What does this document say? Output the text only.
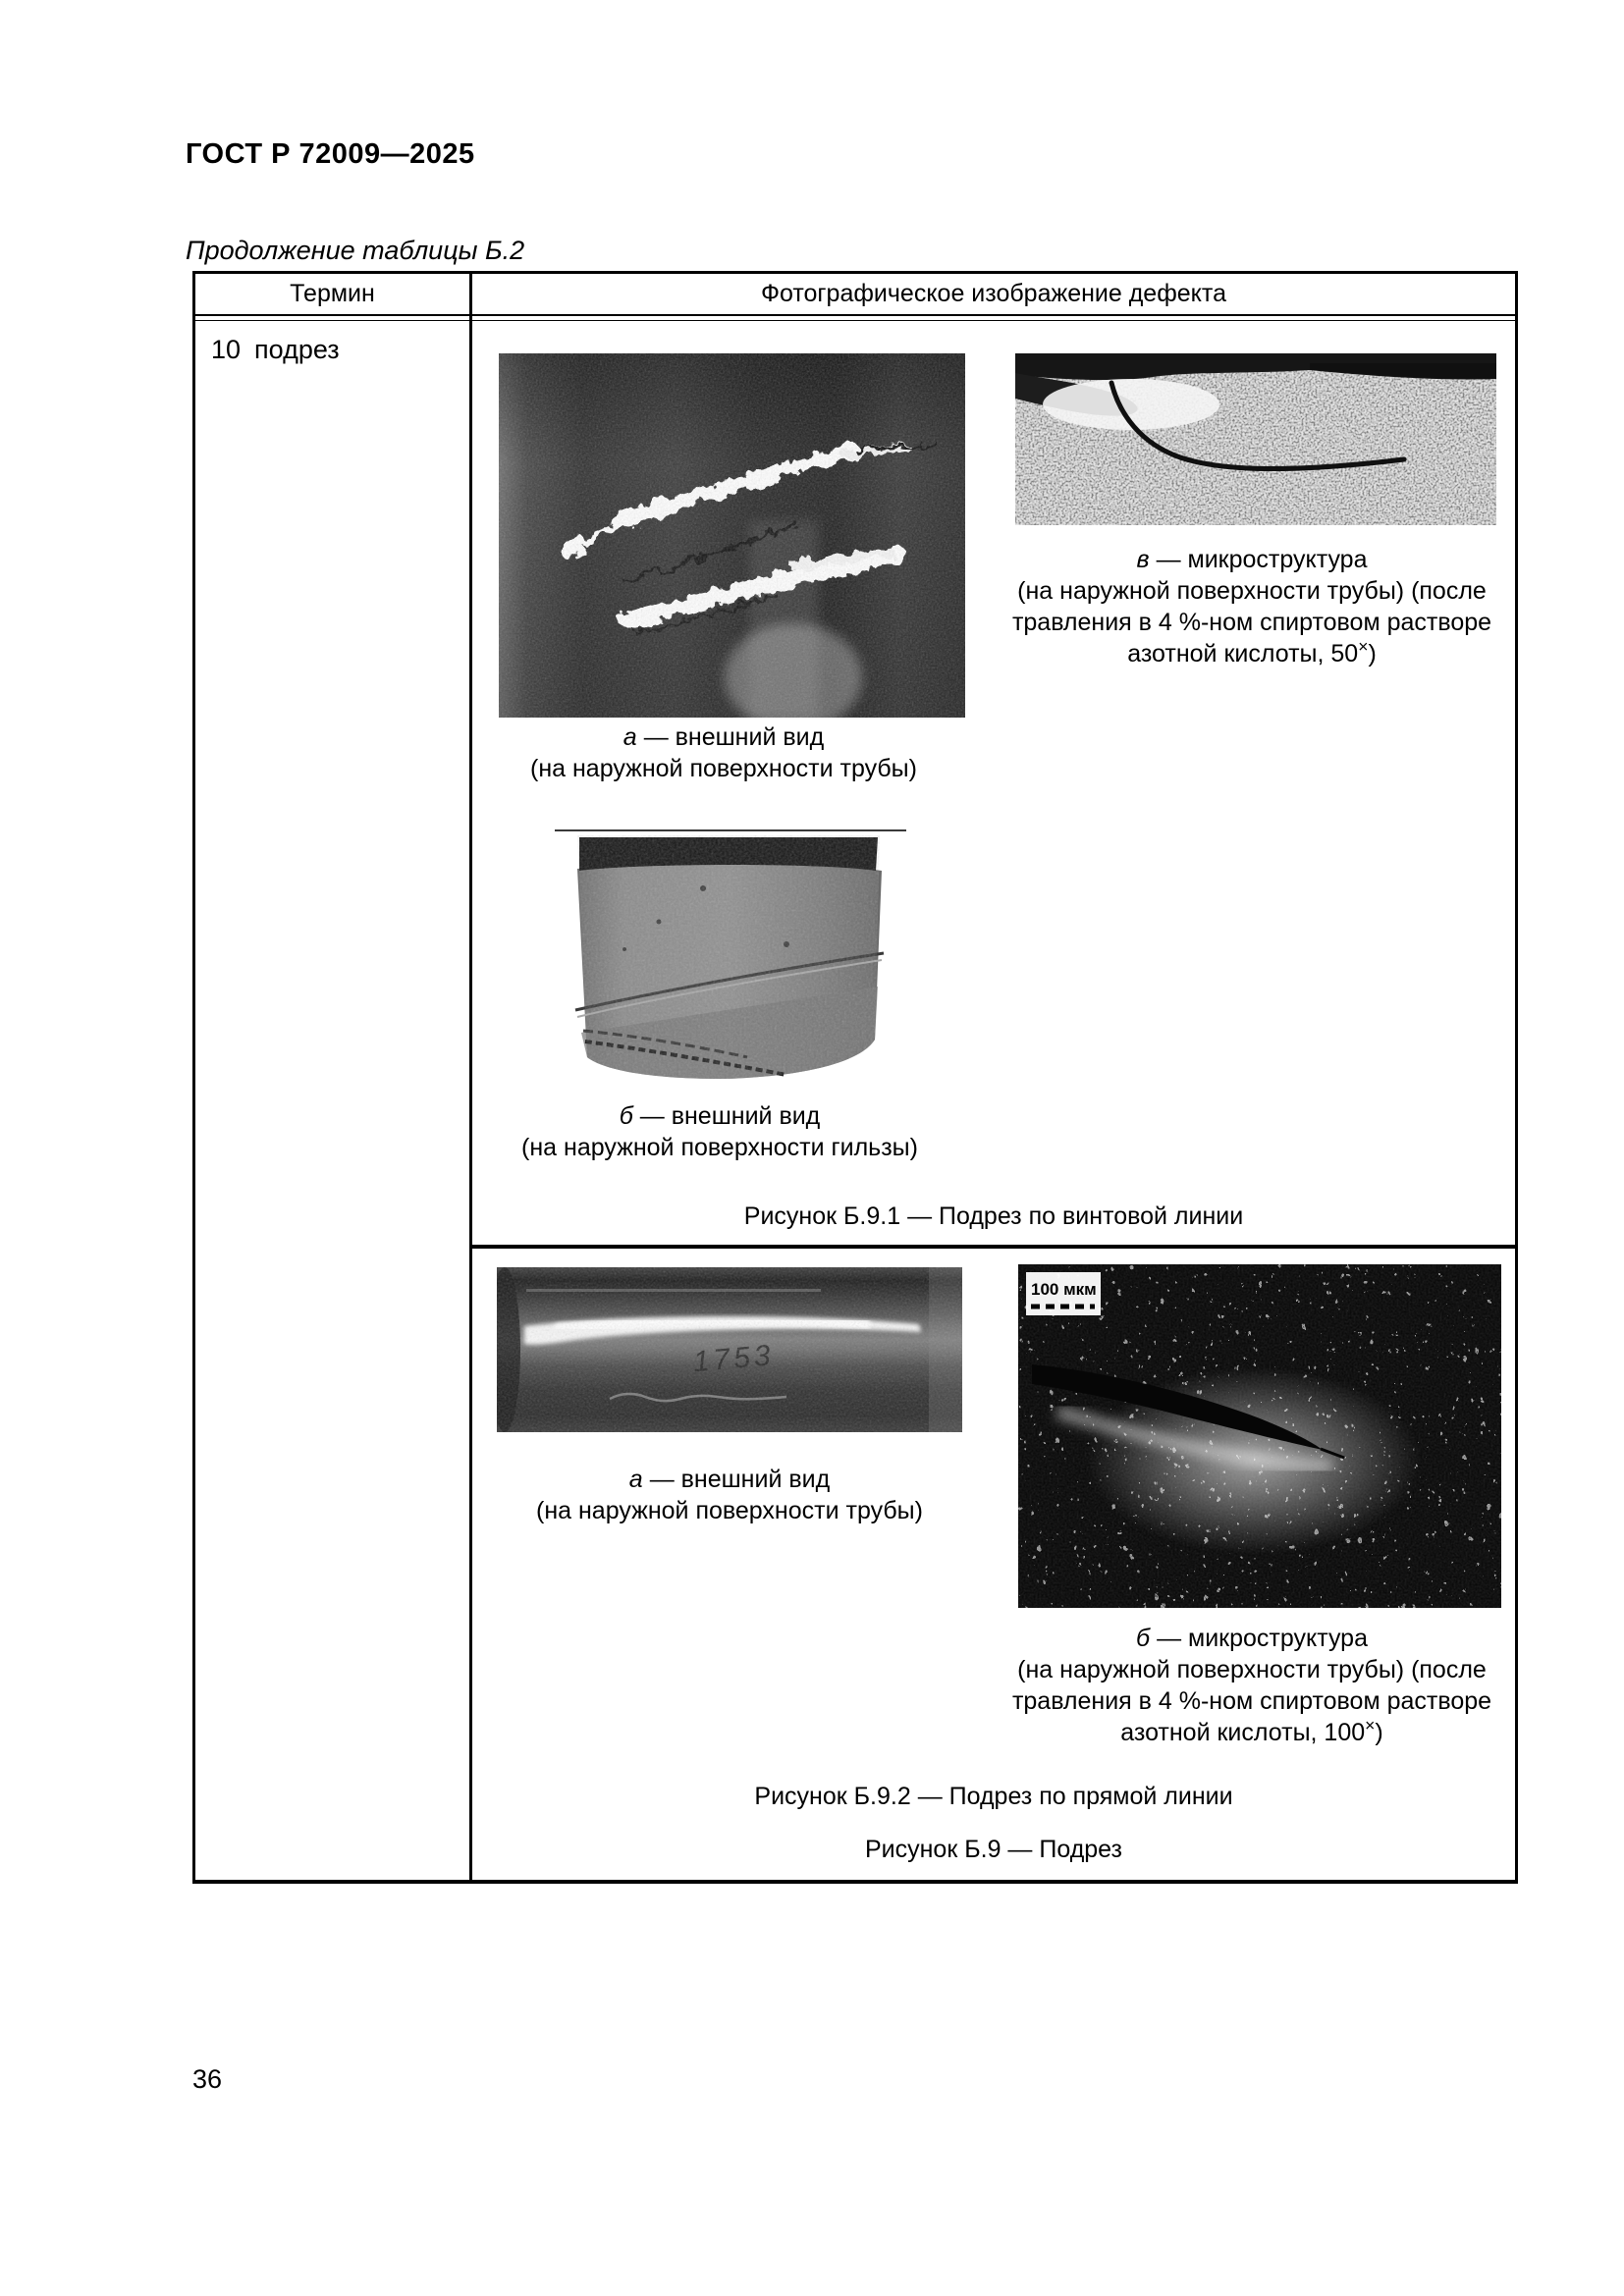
ГОСТ Р 72009—2025
Продолжение таблицы Б.2
Термин	Фотографическое изображение дефекта
10 подрез
в — микроструктура
(на наружной поверхности трубы) (после
травления в 4 %-ном спиртовом растворе
азотной кислоты, 50×)
а — внешний вид
(на наружной поверхности трубы)
б — внешний вид
(на наружной поверхности гильзы)
Рисунок Б.9.1 — Подрез по винтовой линии
1753
а — внешний вид
(на наружной поверхности трубы)
100 мкм
б — микроструктура
(на наружной поверхности трубы) (после
травления в 4 %-ном спиртовом растворе
азотной кислоты, 100×)
Рисунок Б.9.2 — Подрез по прямой линии
Рисунок Б.9 — Подрез
36
